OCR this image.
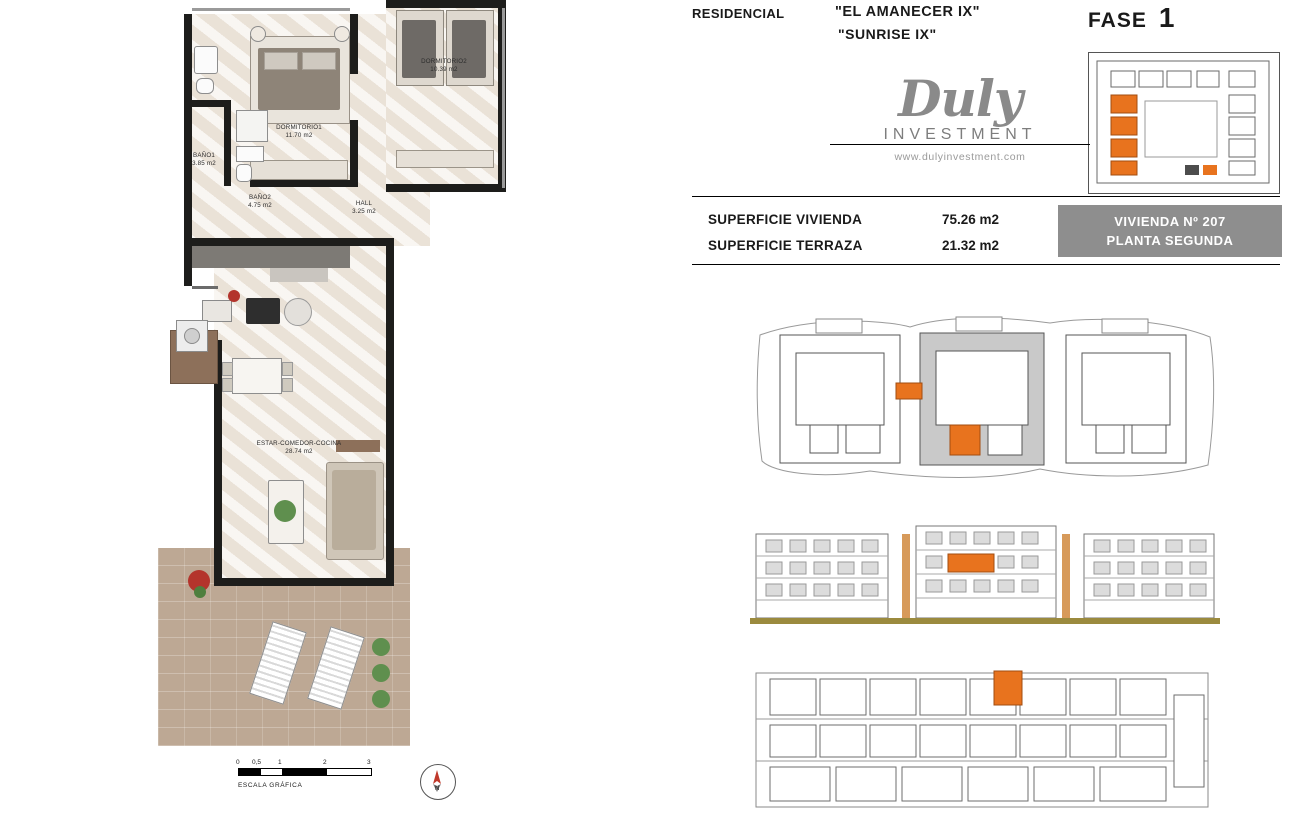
DORMITORIO1
11.70 m2
DORMITORIO2
10.39 m2
BAÑO1
3.85 m2
BAÑO2
4.75 m2	HALL
3.25 m2
ESTAR-COMEDOR-COCINA
28.74 m2
0 0,5	1	2	3
ESCALA GRÁFICA	N
RESIDENCIAL	"EL AMANECER IX"
"SUNRISE IX"
FASE 1
Duly
INVESTMENT
www.dulyinvestment.com
SUPERFICIE VIVIENDA	75.26 m2
SUPERFICIE TERRAZA	21.32 m2
VIVIENDA Nº 207
PLANTA SEGUNDA
